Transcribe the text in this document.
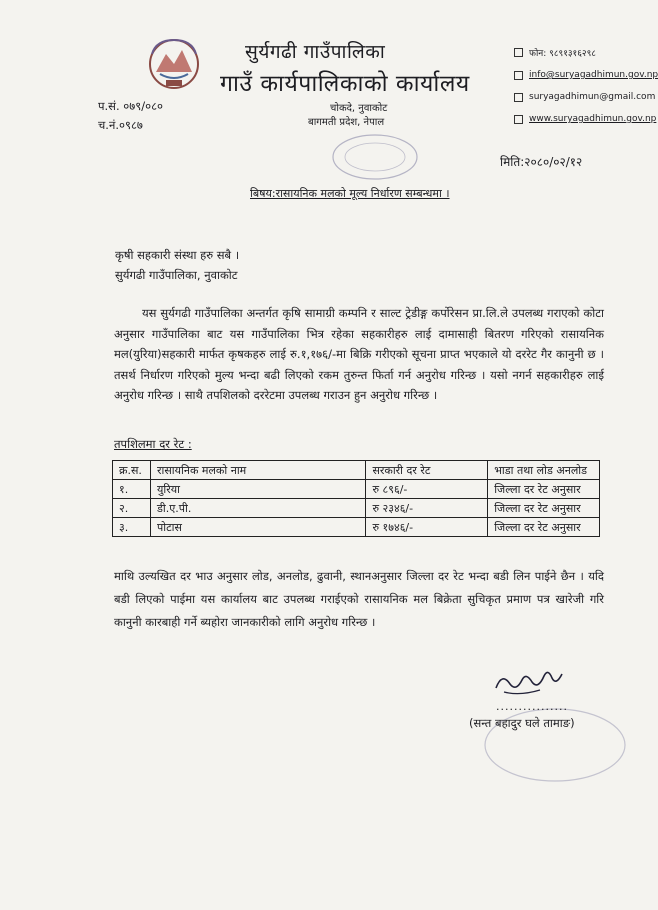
सुर्यगढी गाउँपालिका
गाउँ कार्यपालिकाको कार्यालय
चोकदे, नुवाकोट
बागमती प्रदेश, नेपाल
प.सं. ०७९/०८०
च.नं.०९८७
फोन: ९८९१३१६२९८
info@suryagadhimun.gov.np
suryagadhimun@gmail.com
www.suryagadhimun.gov.np
मिति:२०८०/०२/१२
बिषय:रासायनिक मलको मूल्य निर्धारण सम्बन्धमा ।
कृषी सहकारी संस्था हरु सबै ।
सुर्यगढी गाउँपालिका, नुवाकोट
यस सुर्यगढी गाउँपालिका अन्तर्गत कृषि सामाग्री कम्पनि र साल्ट ट्रेडीङ्ग कर्पोरेसन प्रा.लि.ले उपलब्ध गराएको कोटा अनुसार गाउँपालिका बाट यस गाउँपालिका भित्र रहेका सहकारीहरु लाई दामासाही बितरण गरिएको रासायनिक मल(युरिया)सहकारी मार्फत कृषकहरु लाई रु.१,१७६/-मा बिक्रि गरीएको सूचना प्राप्त भएकाले यो दररेट गैर कानुनी छ ।तसर्थ निर्धारण गरिएको मुल्य भन्दा बढी लिएको रकम तुरुन्त फिर्ता गर्न अनुरोध गरिन्छ । यसो नगर्न सहकारीहरु लाई अनुरोध गरिन्छ । साथै तपशिलको दररेटमा उपलब्ध गराउन हुन अनुरोध गरिन्छ ।
तपशिलमा दर रेट :
क्र.स.	रासायनिक मलको नाम	सरकारी दर रेट	भाडा तथा लोड अनलोड
१.	युरिया	रु ८९६/-	जिल्ला दर रेट अनुसार
२.	डी.ए.पी.	रु २३४६/-	जिल्ला दर रेट अनुसार
३.	पोटास	रु १७४६/-	जिल्ला दर रेट अनुसार
माथि उल्यखित दर भाउ अनुसार लोड, अनलोड, ढुवानी, स्थानअनुसार जिल्ला दर रेट भन्दा बडी लिन पाईने छैन । यदि बडी लिएको पाईमा यस कार्यालय बाट उपलब्ध गराईएको रासायनिक मल बिक्रेता सुचिकृत प्रमाण पत्र खारेजी गरि कानुनी कारबाही गर्ने ब्यहोरा जानकारीको लागि अनुरोध गरिन्छ ।
................
(सन्त बहादुर घले तामाङ)
